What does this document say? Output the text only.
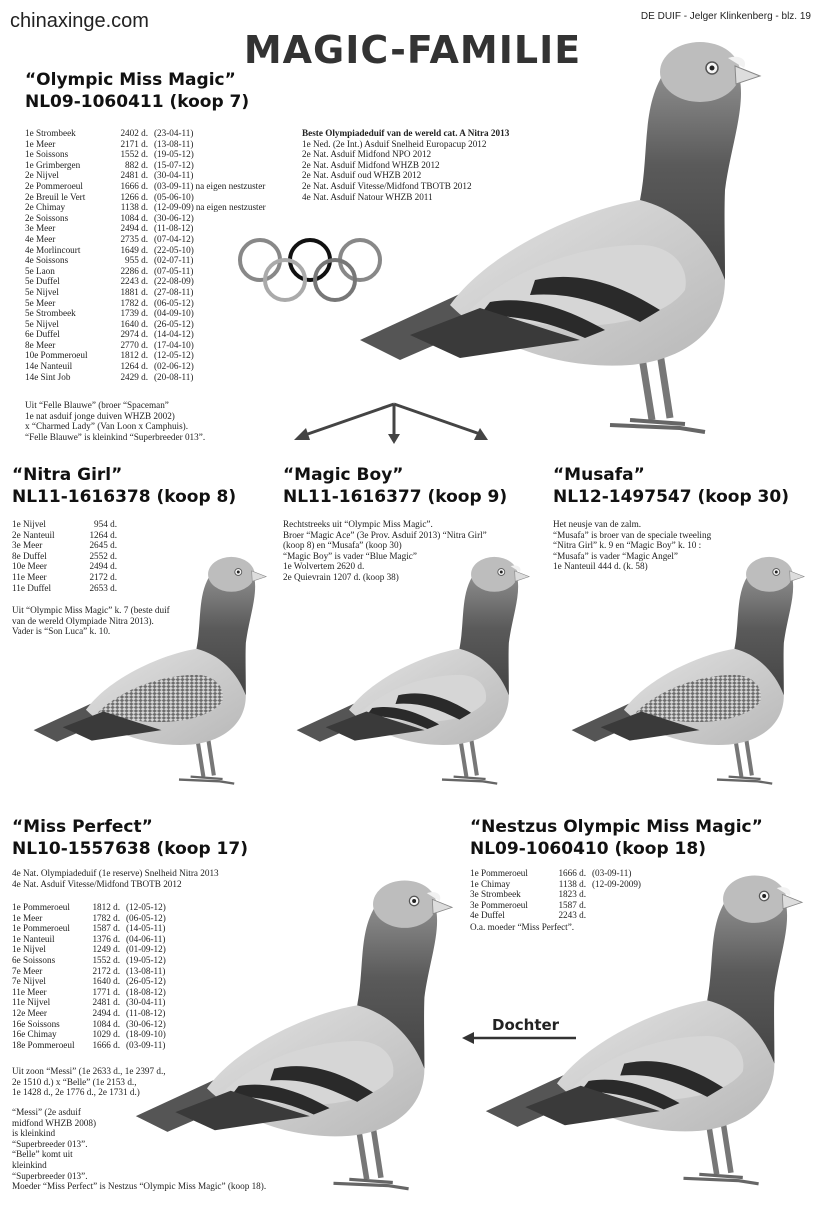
chinaxinge.com	DE DUIF - Jelger Klinkenberg - blz. 19
MAGIC-FAMILIE
“Olympic Miss Magic”
NL09-1060411 (koop 7)
1e Strombeek	2402 d. (23-04-11)
1e Meer	2171 d. (13-08-11)
1e Soissons	1552 d. (19-05-12)
1e Grimbergen	882 d. (15-07-12)
2e Nijvel	2481 d. (30-04-11)
2e Pommeroeul	1666 d. (03-09-11) na eigen nestzuster
2e Breuil le Vert	1266 d. (05-06-10)
2e Chimay	1138 d. (12-09-09) na eigen nestzuster
2e Soissons	1084 d. (30-06-12)
3e Meer	2494 d. (11-08-12)
4e Meer	2735 d. (07-04-12)
4e Morlincourt	1649 d. (22-05-10)
4e Soissons	955 d. (02-07-11)
5e Laon	2286 d. (07-05-11)
5e Duffel	2243 d. (22-08-09)
5e Nijvel	1881 d. (27-08-11)
5e Meer	1782 d. (06-05-12)
5e Strombeek	1739 d. (04-09-10)
5e Nijvel	1640 d. (26-05-12)
6e Duffel	2974 d. (14-04-12)
8e Meer	2770 d. (17-04-10)
10e Pommeroeul	1812 d. (12-05-12)
14e Nanteuil	1264 d. (02-06-12)
14e Sint Job	2429 d. (20-08-11)

Beste Olympiadeduif van de wereld cat. A Nitra 2013

1e Ned. (2e Int.) Asduif Snelheid Europacup 2012

2e Nat. Asduif Midfond NPO 2012

2e Nat. Asduif Midfond WHZB 2012

2e Nat. Asduif oud WHZB 2012

2e Nat. Asduif Vitesse/Midfond TBOTB 2012

4e Nat. Asduif Natour WHZB 2011

Uit “Felle Blauwe” (broer “Spaceman”

1e nat asduif jonge duiven WHZB 2002)

x “Charmed Lady” (Van Loon x Camphuis).

“Felle Blauwe” is kleinkind “Superbreeder 013”.

“Nitra Girl”
NL11-1616378 (koop 8)
1e Nijvel	954 d.
2e Nanteuil	1264 d.
3e Meer	2645 d.
8e Duffel	2552 d.
10e Meer	2494 d.
11e Meer	2172 d.
11e Duffel	2653 d.

Uit “Olympic Miss Magic” k. 7 (beste duif

van de wereld Olympiade Nitra 2013).

Vader is “Son Luca” k. 10.

“Magic Boy”
NL11-1616377 (koop 9)

Rechtstreeks uit “Olympic Miss Magic”.

Broer “Magic Ace” (3e Prov. Asduif 2013) “Nitra Girl”

(koop 8) en “Musafa” (koop 30)

“Magic Boy” is vader “Blue Magic”

1e Wolvertem 2620 d.

2e Quievrain 1207 d. (koop 38)

“Musafa”
NL12-1497547 (koop 30)

Het neusje van de zalm.

“Musafa” is broer van de speciale tweeling

“Nitra Girl” k. 9 en “Magic Boy” k. 10 :

“Musafa” is vader “Magic Angel”

1e Nanteuil 444 d. (k. 58)

“Miss Perfect”
NL10-1557638 (koop 17)

4e Nat. Olympiadeduif (1e reserve) Snelheid Nitra 2013

4e Nat. Asduif Vitesse/Midfond TBOTB 2012

1e Pommeroeul	1812 d. (12-05-12)
1e Meer	1782 d. (06-05-12)
1e Pommeroeul	1587 d. (14-05-11)
1e Nanteuil	1376 d. (04-06-11)
1e Nijvel	1249 d. (01-09-12)
6e Soissons	1552 d. (19-05-12)
7e Meer	2172 d. (13-08-11)
7e Nijvel	1640 d. (26-05-12)
11e Meer	1771 d. (18-08-12)
11e Nijvel	2481 d. (30-04-11)
12e Meer	2494 d. (11-08-12)
16e Soissons	1084 d. (30-06-12)
16e Chimay	1029 d. (18-09-10)
18e Pommeroeul	1666 d. (03-09-11)

Uit zoon “Messi” (1e 2633 d., 1e 2397 d.,

2e 1510 d.) x “Belle” (1e 2153 d.,

1e 1428 d., 2e 1776 d., 2e 1731 d.)

“Messi” (2e asduif

midfond WHZB 2008)

is kleinkind

“Superbreeder 013”.

“Belle” komt uit

kleinkind

“Superbreeder 013”.

Moeder “Miss Perfect” is Nestzus “Olympic Miss Magic” (koop 18).

“Nestzus Olympic Miss Magic”
NL09-1060410 (koop 18)
1e Pommeroeul	1666 d. (03-09-11)
1e Chimay	1138 d. (12-09-2009)
3e Strombeek	1823 d.
3e Pommeroeul	1587 d.
4e Duffel	2243 d.

O.a. moeder “Miss Perfect”.

Dochter
